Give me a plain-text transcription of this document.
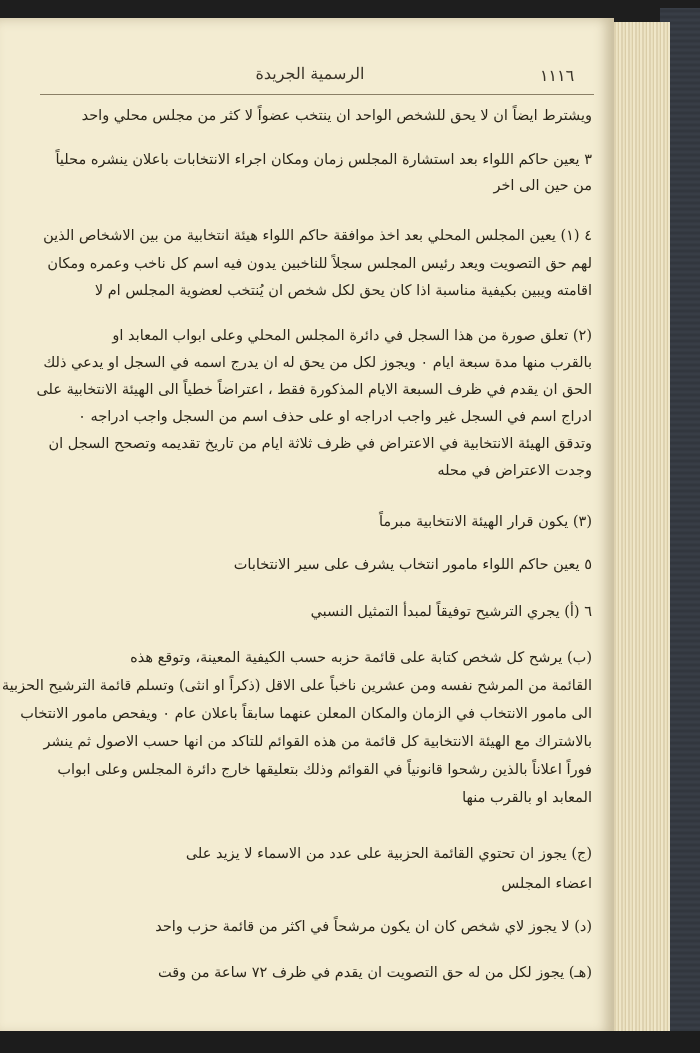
١١١٦
الرسمية الجريدة
ويشترط ايضاً ان لا يحق للشخص الواحد ان ينتخب عضواً لا كثر من مجلس محلي واحد
٣ يعين حاكم اللواء بعد استشارة المجلس زمان ومكان اجراء الانتخابات باعلان ينشره محلياً
من حين الى اخر
٤ (١) يعين المجلس المحلي بعد اخذ موافقة حاكم اللواء هيئة انتخابية من بين الاشخاص الذين
لهم حق التصويت ويعد رئيس المجلس سجلاً للناخبين يدون فيه اسم كل ناخب وعمره ومكان
اقامته ويبين بكيفية مناسبة اذا كان يحق لكل شخص ان يُنتخب لعضوية المجلس ام لا
(٢) تعلق صورة من هذا السجل في دائرة المجلس المحلي وعلى ابواب المعابد او
بالقرب منها مدة سبعة ايام ٠ ويجوز لكل من يحق له ان يدرج اسمه في السجل او يدعي ذلك
الحق ان يقدم في ظرف السبعة الايام المذكورة فقط ، اعتراضاً خطياً الى الهيئة الانتخابية على
ادراج اسم في السجل غير واجب ادراجه او على حذف اسم من السجل واجب ادراجه ٠
وتدقق الهيئة الانتخابية في الاعتراض في ظرف ثلاثة ايام من تاريخ تقديمه وتصحح السجل ان
وجدت الاعتراض في محله
(٣) يكون قرار الهيئة الانتخابية مبرماً
٥ يعين حاكم اللواء مامور انتخاب يشرف على سير الانتخابات
٦ (أ) يجري الترشيح توفيقاً لمبدأ التمثيل النسبي
(ب) يرشح كل شخص كتابة على قائمة حزبه حسب الكيفية المعينة، وتوقع هذه
القائمة من المرشح نفسه ومن عشرين ناخباً على الاقل (ذكراً او انثى) وتسلم قائمة الترشيح الحزبية
الى مامور الانتخاب في الزمان والمكان المعلن عنهما سابقاً باعلان عام ٠ ويفحص مامور الانتخاب
بالاشتراك مع الهيئة الانتخابية كل قائمة من هذه القوائم للتاكد من انها حسب الاصول ثم ينشر
فوراً اعلاناً بالذين رشحوا قانونياً في القوائم وذلك بتعليقها خارج دائرة المجلس وعلى ابواب
المعابد او بالقرب منها
(ج) يجوز ان تحتوي القائمة الحزبية على عدد من الاسماء لا يزيد على
اعضاء المجلس
(د) لا يجوز لاي شخص كان ان يكون مرشحاً في اكثر من قائمة حزب واحد
(هـ) يجوز لكل من له حق التصويت ان يقدم في ظرف ٧٢ ساعة من وقت
